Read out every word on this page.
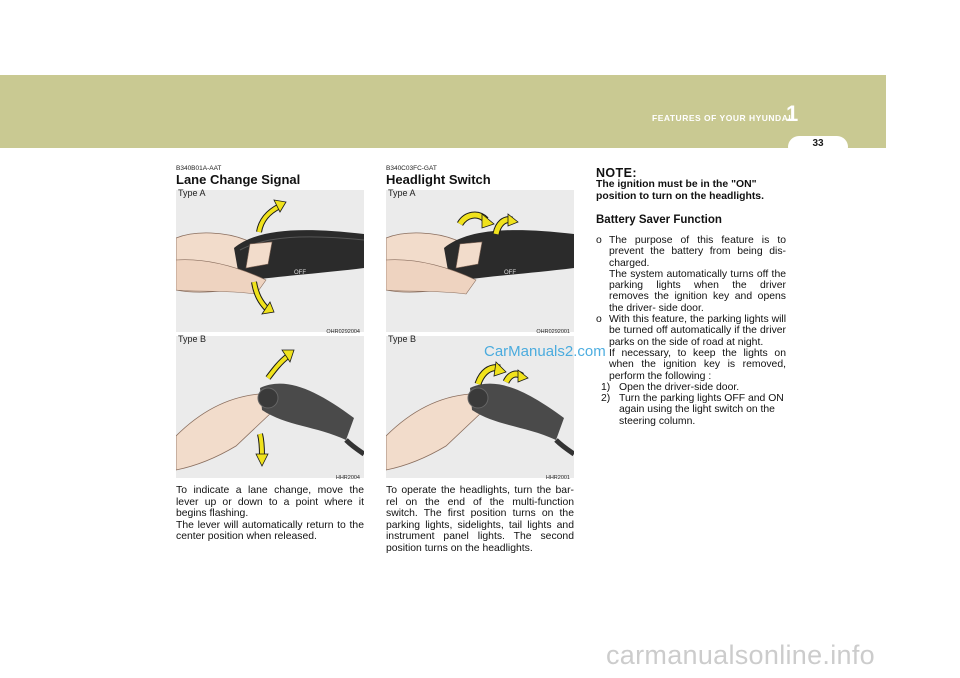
1
FEATURES OF YOUR HYUNDAI
33
B340B01A-AAT
Lane Change Signal
OFF
Type A
OHR0292004
Type B
HHR2004
To indicate a lane change, move the lever up or down to a point where it begins flashing.
The lever will automatically return to the center position when released.
B340C03FC-GAT
Headlight Switch
OFF
Type A
OHR0292001
Type B
HHR2001
To operate the headlights, turn the bar- rel on the end of the multi-function switch. The first position turns on the parking lights, sidelights, tail lights and instrument panel lights. The second position turns on the headlights.
NOTE:
The ignition must be in the "ON" position to turn on the headlights.
Battery Saver Function
o The purpose of this feature is to prevent the battery from being dis- charged.
The system automatically turns off the parking lights when the driver removes the ignition key and opens the driver- side door.
o With this feature, the parking lights will be turned off automatically if the driver parks on the side of road at night.
If necessary, to keep the lights on when the ignition key is removed, perform the following :
1) Open the driver-side door.
2) Turn the parking lights OFF and ON again using the light switch on the steering column.
CarManuals2.com
carmanualsonline.info
